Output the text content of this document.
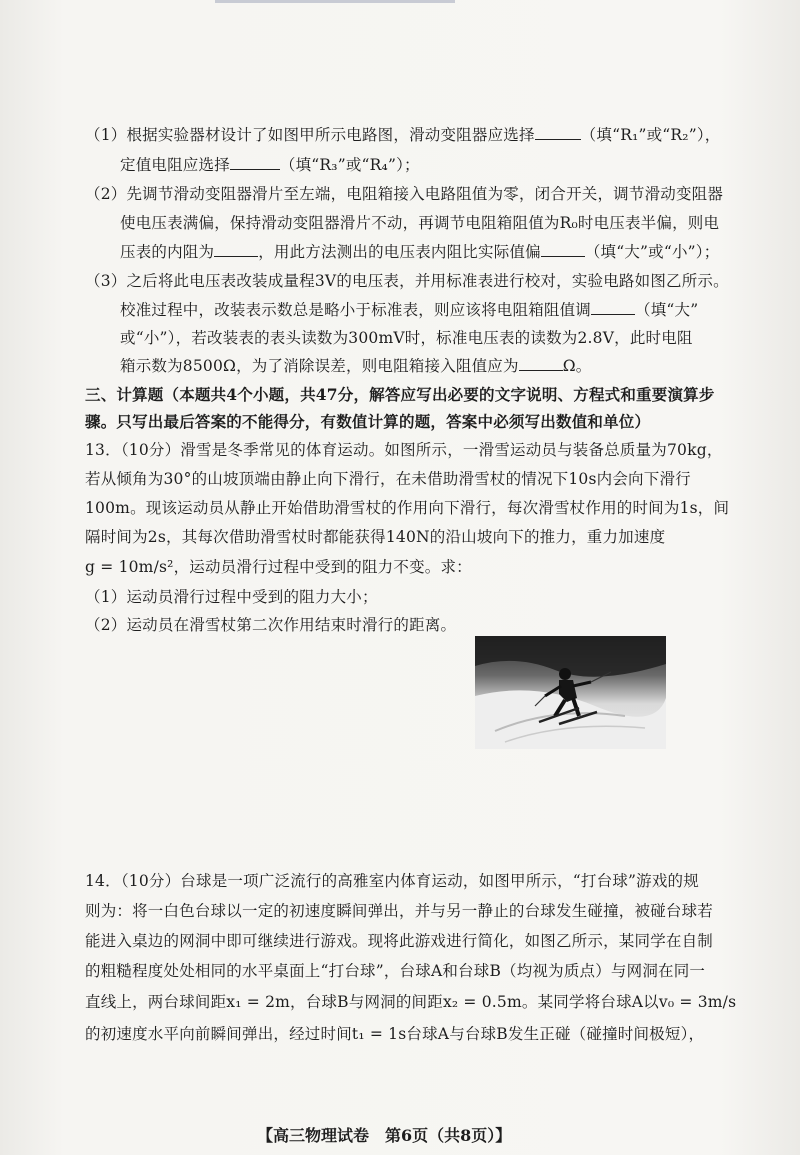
（1）根据实验器材设计了如图甲所示电路图，滑动变阻器应选择	（填“R₁”或“R₂”），
定值电阻应选择	（填“R₃”或“R₄”）；
（2）先调节滑动变阻器滑片至左端，电阻箱接入电路阻值为零，闭合开关，调节滑动变阻器
使电压表满偏，保持滑动变阻器滑片不动，再调节电阻箱阻值为R₀时电压表半偏，则电
压表的内阻为	，用此方法测出的电压表内阻比实际值偏	（填“大”或“小”）；
（3）之后将此电压表改装成量程3V的电压表，并用标准表进行校对，实验电路如图乙所示。
校准过程中，改装表示数总是略小于标准表，则应该将电阻箱阻值调	（填“大”
或“小”），若改装表的表头读数为300mV时，标准电压表的读数为2.8V，此时电阻
箱示数为8500Ω，为了消除误差，则电阻箱接入阻值应为	Ω。
三、计算题（本题共4个小题，共47分，解答应写出必要的文字说明、方程式和重要演算步
骤。只写出最后答案的不能得分，有数值计算的题，答案中必须写出数值和单位）
13．（10分）滑雪是冬季常见的体育运动。如图所示，一滑雪运动员与装备总质量为70kg，
若从倾角为30°的山坡顶端由静止向下滑行，在未借助滑雪杖的情况下10s内会向下滑行
100m。现该运动员从静止开始借助滑雪杖的作用向下滑行，每次滑雪杖作用的时间为1s，间
隔时间为2s，其每次借助滑雪杖时都能获得140N的沿山坡向下的推力，重力加速度
g = 10m/s²，运动员滑行过程中受到的阻力不变。求：
（1）运动员滑行过程中受到的阻力大小；
（2）运动员在滑雪杖第二次作用结束时滑行的距离。
14．（10分）台球是一项广泛流行的高雅室内体育运动，如图甲所示，“打台球”游戏的规
则为：将一白色台球以一定的初速度瞬间弹出，并与另一静止的台球发生碰撞，被碰台球若
能进入桌边的网洞中即可继续进行游戏。现将此游戏进行简化，如图乙所示，某同学在自制
的粗糙程度处处相同的水平桌面上“打台球”，台球A和台球B（均视为质点）与网洞在同一
直线上，两台球间距x₁ = 2m，台球B与网洞的间距x₂ = 0.5m。某同学将台球A以v₀ = 3m/s
的初速度水平向前瞬间弹出，经过时间t₁ = 1s台球A与台球B发生正碰（碰撞时间极短），
【高三物理试卷　第6页（共8页）】
